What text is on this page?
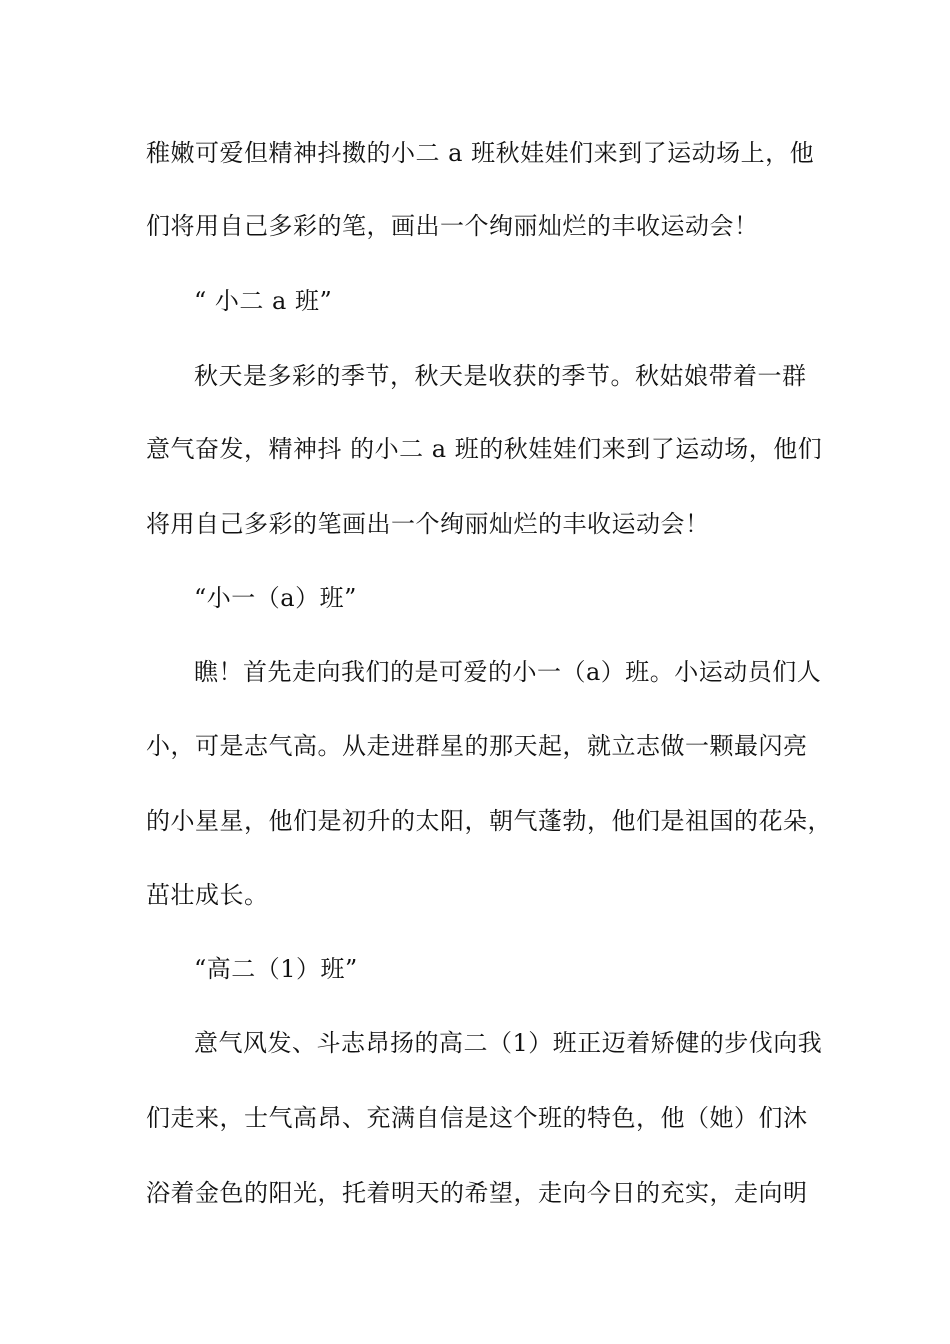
稚嫩可爱但精神抖擞的小二 a 班秋娃娃们来到了运动场上，他
们将用自己多彩的笔，画出一个绚丽灿烂的丰收运动会！
“ 小二 a 班”
秋天是多彩的季节，秋天是收获的季节。秋姑娘带着一群
意气奋发，精神抖 的小二 a 班的秋娃娃们来到了运动场，他们
将用自己多彩的笔画出一个绚丽灿烂的丰收运动会！
“小一（a）班”
瞧！首先走向我们的是可爱的小一（a）班。小运动员们人
小，可是志气高。从走进群星的那天起，就立志做一颗最闪亮
的小星星，他们是初升的太阳，朝气蓬勃，他们是祖国的花朵，
茁壮成长。
“高二（1）班”
意气风发、斗志昂扬的高二（1）班正迈着矫健的步伐向我
们走来，士气高昂、充满自信是这个班的特色，他（她）们沐
浴着金色的阳光，托着明天的希望，走向今日的充实，走向明
